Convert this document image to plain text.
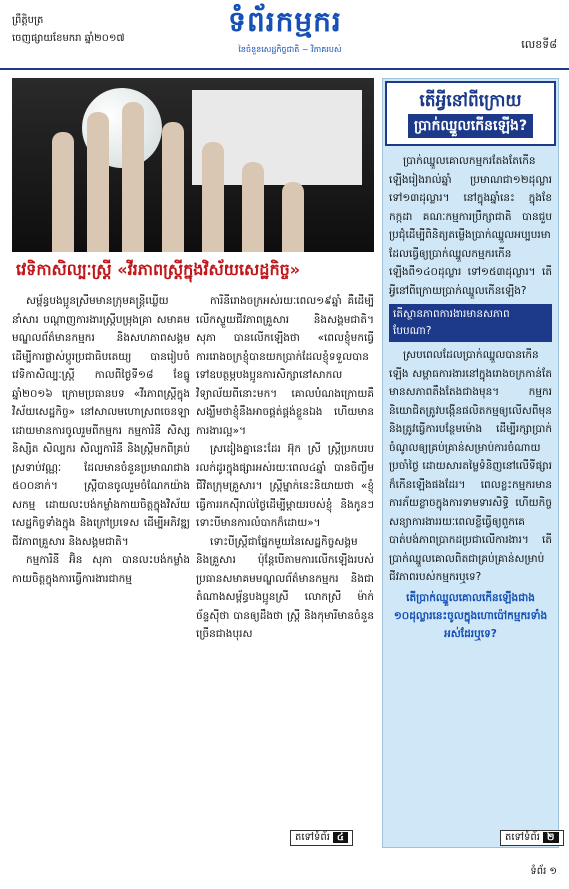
ព្រឹត្តិបត្រ
ចេញផ្សាយខែមករា ឆ្នាំ២០១៧
ទំព័រកម្មករ
នៃចំនួនសេដ្ឋកិច្ចជាតិ ~ វិភាគរបស់	លេខទី៨
វេទិកាសិល្បៈស្ត្រី «វីរភាពស្ត្រីក្នុងវិស័យសេដ្ឋកិច្ច»

សម្ព័ន្ធបងប្អូនស្រីមមានក្រុមគន្ត្រីឃ្លើយនាំសារ បណ្តាញការងារស្ត្រីបម្រុងគ្រា សមាគមមណ្ឌលព័ត៌មានកម្មករ និងសហភាពសង្គមដើម្បីការផ្លាស់ប្តូរប្រជាធិបតេយ្យ បានរៀបចំវេទិកាសិល្បៈស្ត្រី កាលពីថ្ងៃទី១៨ ខែធ្នូ ឆ្នាំ២០១៦ ក្រោមប្រធានបទ «វីរភាពស្ត្រីក្នុងវិស័យសេដ្ឋកិច្ច» នៅសាលមហោស្រពចេនឡា ដោយមានការចូលរួមពីកម្មករ កម្មការិនី សិស្ស និស្សិត សិល្បករ សិល្បការិនី និងស្ត្រីមកពីគ្រប់ស្រទាប់វណ្ណៈ ដែលមានចំនួនប្រមាណជាង ៥០០នាក់។ ស្ត្រីបានចូលរួមចំណែកយ៉ាងសកម្ម ដោយលះបង់កម្លាំងកាយចិត្តក្នុងវិស័យសេដ្ឋកិច្ចទាំងក្នុង និងក្រៅប្រទេស ដើម្បីអភិវឌ្ឍជីវភាពគ្រួសារ និងសង្គមជាតិ។

កម្មការិនី អ៊ិន សុភា បានលះបង់កម្លាំងកាយចិត្តក្នុងការធ្វើការងារជាកម្ម

ការិនីរោងចក្រអស់រយៈពេល១៩ឆ្នាំ គឺដើម្បីលើកស្ទួយជីវភាពគ្រួសារ និងសង្គមជាតិ។ សុភា បានលើកឡើងថា «ពេលខ្ញុំមកធ្វើការរោងចក្រខ្ញុំបានយកប្រាក់ដែលខ្ញុំទទួលបានទៅឧបត្ថម្ភបងប្អូនការសិក្សានៅសាកលវិទ្យាល័យពីនោះមក។ គោលបំណងក្រោយគឺសង្ឃឹមថាខ្ញុំនឹងអាចផ្គត់ផ្គង់ខ្លួនឯង ហើយមានការងារល្អ»។

ស្រដៀងគ្នានេះដែរ អ៊ុក ស្រី ស្ត្រីប្រកបរបរលក់ដូរក្នុងផ្សារអស់រយៈពេល៤ឆ្នាំ បានចិញ្ចឹមជីវិតក្រុមគ្រួសារ។ ស្ត្រីម្នាក់នេះនិយាយថា «ខ្ញុំធ្វើការរកស៊ីរាល់ថ្ងៃដើម្បីម្តាយរបស់ខ្ញុំ និងកូនៗ ទោះបីមានការលំបាកក៏ដោយ»។

ទោះបីស្ត្រីជាផ្នែកមួយនៃសេដ្ឋកិច្ចសង្គម និងគ្រួសារ ប៉ុន្តែបើតាមការលើកឡើងរបស់ប្រធានសមាគមមណ្ឌលព័ត៌មានកម្មករ និងជាតំណាងសម្ព័ន្ធបងប្អូនស្រី លោកស្រី ម៉ាក់ ច័ន្ទសុីថា បានឲ្យដឹងថា ស្ត្រី និងកុមារីមានចំនួនច្រើនជាងបុរស

តទៅទំព័រ ៤
តើអ្វីនៅពីក្រោយ
ប្រាក់ឈ្នួលកើនឡើង?

ប្រាក់ឈ្នួលគោលកម្មករតែងតែកើនឡើងរៀងរាល់ឆ្នាំ ប្រមាណជា១២ដុល្លារ ទៅ១៣ដុល្លារ។ នៅក្នុងឆ្នាំនេះ ក្នុងខែកក្កដា គណៈកម្មការប្រឹក្សាជាតិ បានជួបប្រជុំដើម្បីពិនិត្យតម្លើងប្រាក់ឈ្នួលអប្បបរមា ដែលធ្វើឲ្យប្រាក់ឈ្នួលកម្មករកើនឡើងពី១៤០ដុល្លារ ទៅ១៥៣ដុល្លារ។ តើអ្វីនៅពីក្រោយប្រាក់ឈ្នួលកើនឡើង?

តើស្ថានភាពការងារមានសភាពបែបណា?

ស្របពេលដែលប្រាក់ឈ្នួលបានកើនឡើង សម្ពាធការងារនៅក្នុងរោងចក្រកាន់តែមានសភាពតឹងតែងជាងមុន។ កម្មករនិយោជិតត្រូវបង្កើនផលិតកម្មឲ្យលើសពីមុន និងត្រូវធ្វើការបន្ថែមម៉ោង ដើម្បីរក្សាប្រាក់ចំណូលឲ្យគ្រប់គ្រាន់សម្រាប់ការចំណាយប្រចាំថ្ងៃ ដោយសារតម្លៃទំនិញនៅលើទីផ្សារក៏កើនឡើងផងដែរ។ ពេលខ្លះកម្មករមានការភ័យខ្លាចក្នុងការទាមទារសិទ្ធិ ហើយកិច្ចសន្យាការងាររយៈពេលខ្លីធ្វើឲ្យពួកគេបាត់បង់ភាពប្រាកដប្រជាលើការងារ។ តើប្រាក់ឈ្នួលគោលពិតជាគ្រប់គ្រាន់សម្រាប់ជីវភាពរបស់កម្មករឬទេ?

តើប្រាក់ឈ្នួលគោលកើនឡើងជាង ១០ដុល្លារនេះចូលក្នុងហោប៉ៅកម្មករទាំងអស់ដែរឬទេ?
តទៅទំព័រ ២
ទំព័រ ១
